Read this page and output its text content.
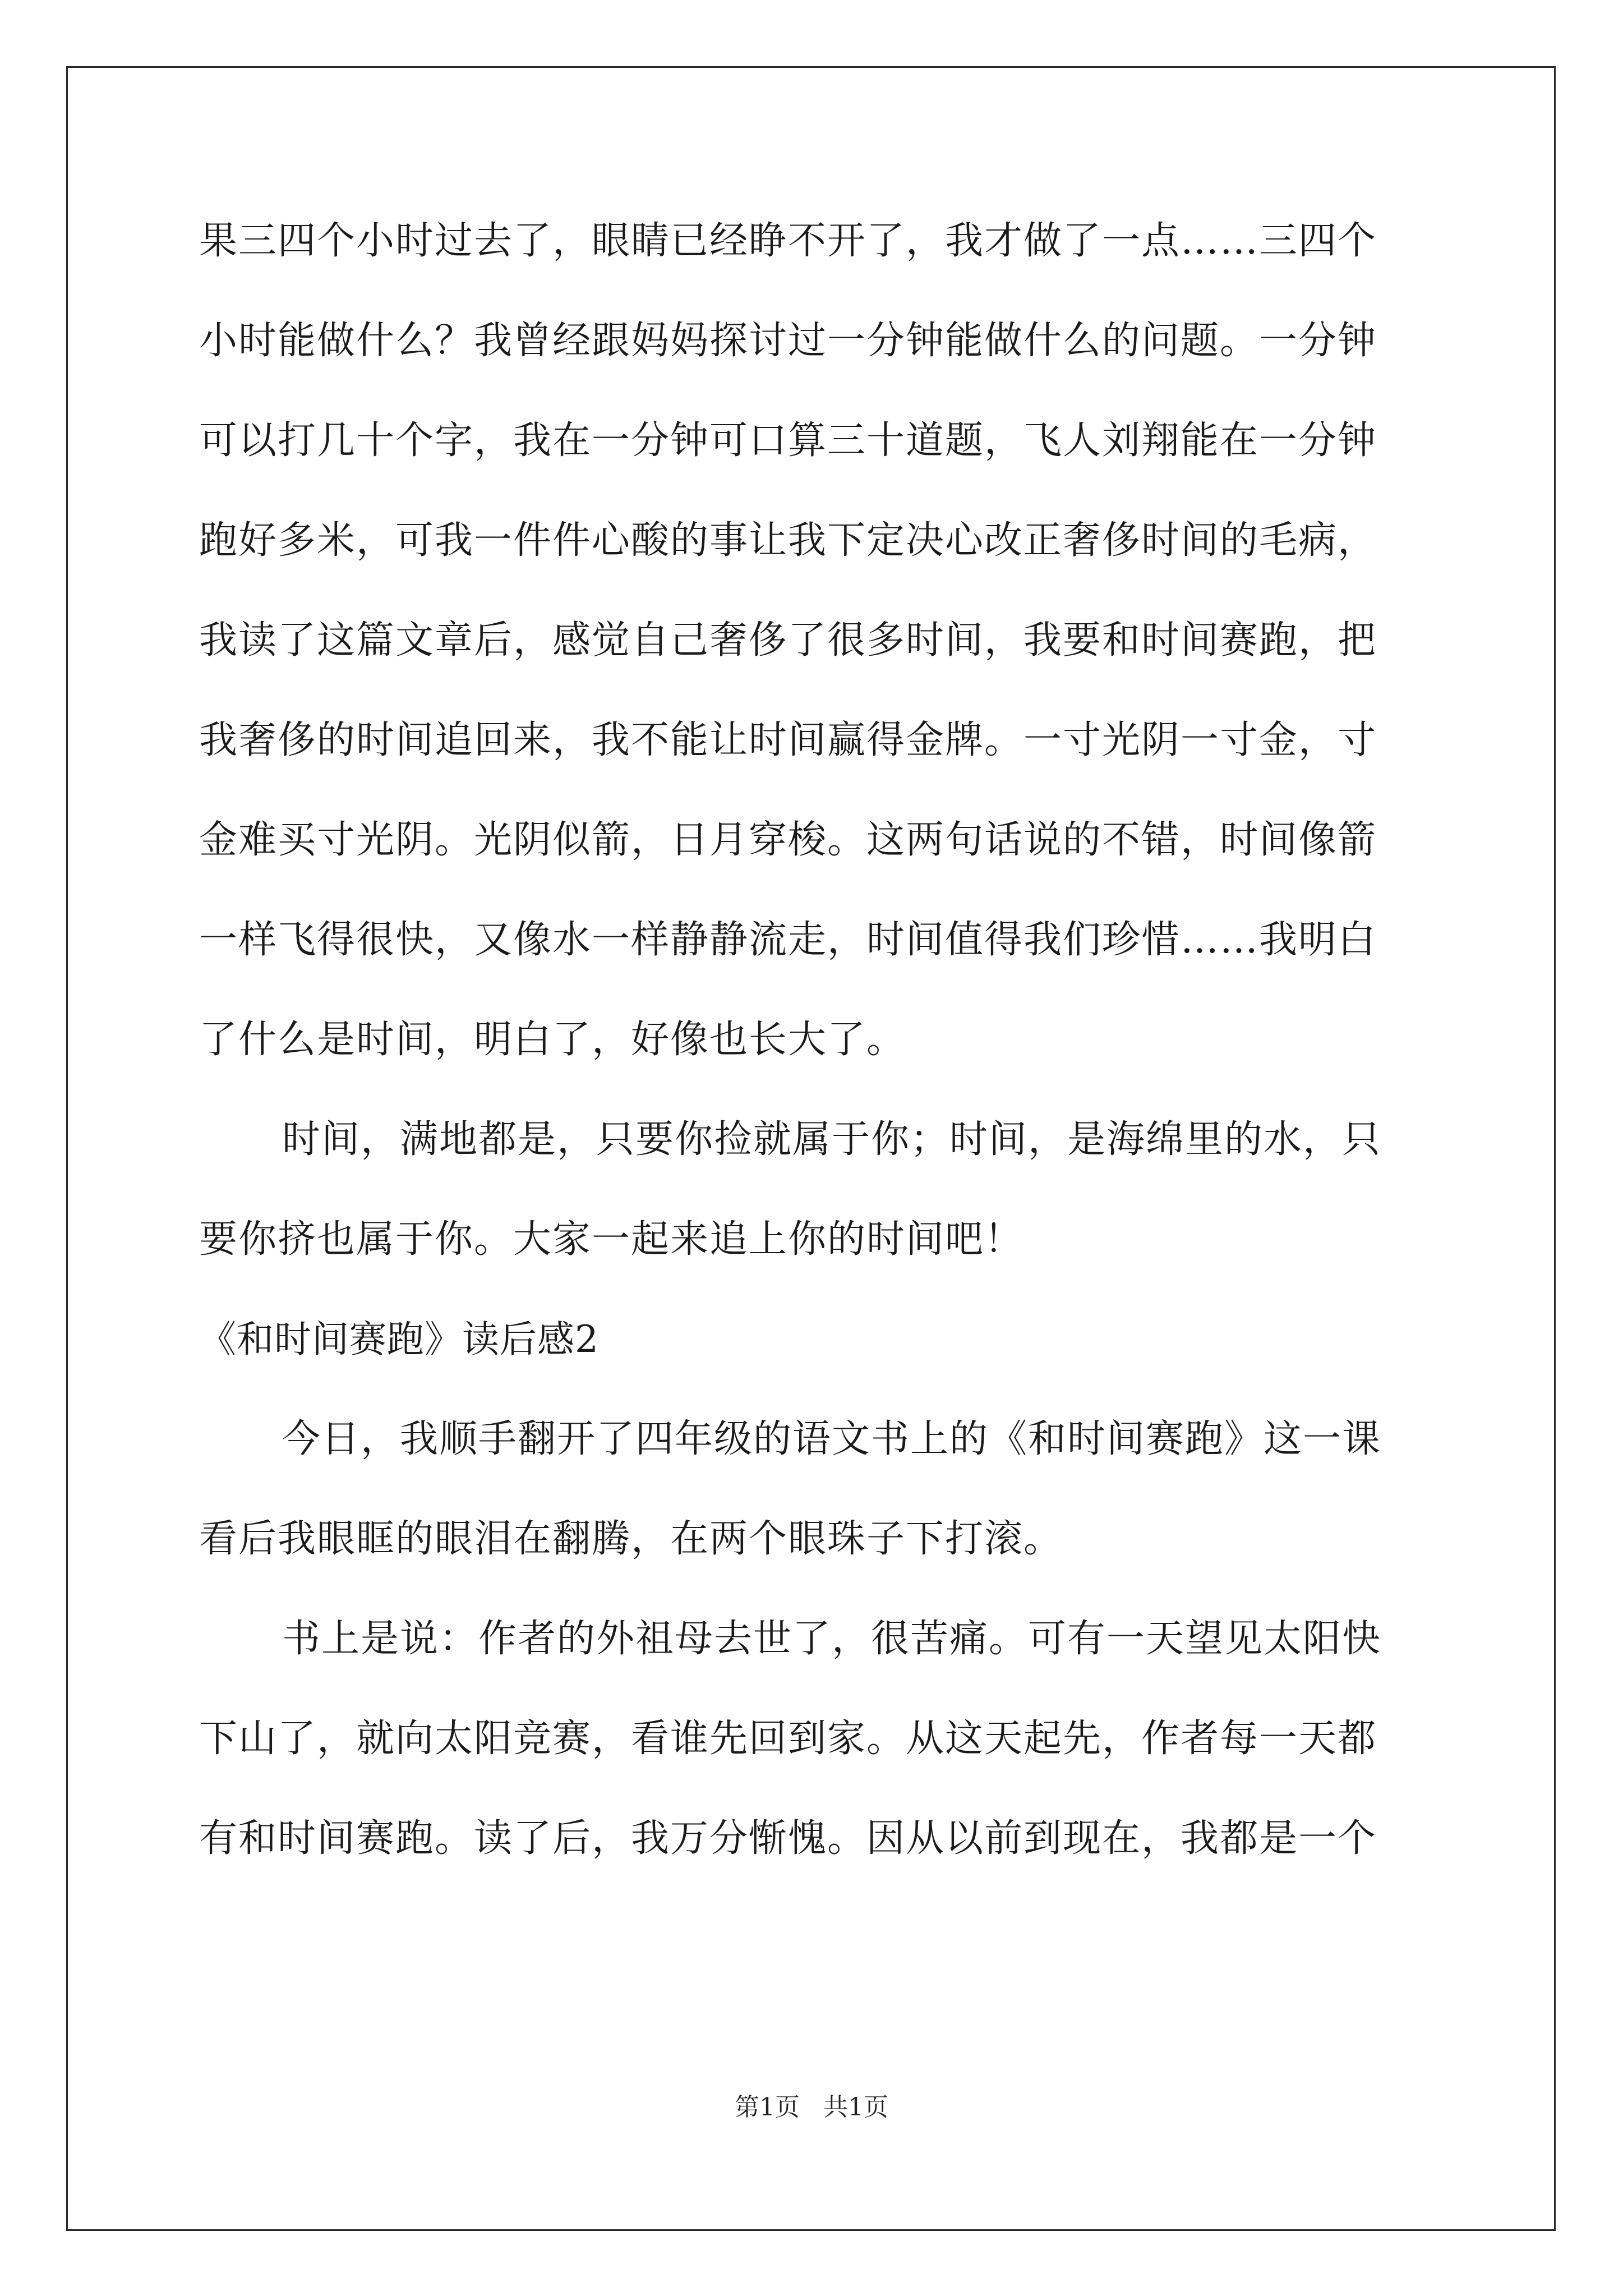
果三四个小时过去了，眼睛已经睁不开了，我才做了一点……三四个
小时能做什么？我曾经跟妈妈探讨过一分钟能做什么的问题。一分钟
可以打几十个字，我在一分钟可口算三十道题，飞人刘翔能在一分钟
跑好多米，可我一件件心酸的事让我下定决心改正奢侈时间的毛病，
我读了这篇文章后，感觉自己奢侈了很多时间，我要和时间赛跑，把
我奢侈的时间追回来，我不能让时间赢得金牌。一寸光阴一寸金，寸
金难买寸光阴。光阴似箭，日月穿梭。这两句话说的不错，时间像箭
一样飞得很快，又像水一样静静流走，时间值得我们珍惜……我明白
了什么是时间，明白了，好像也长大了。
时间，满地都是，只要你捡就属于你；时间，是海绵里的水，只
要你挤也属于你。大家一起来追上你的时间吧！
《和时间赛跑》读后感2
今日，我顺手翻开了四年级的语文书上的《和时间赛跑》这一课
看后我眼眶的眼泪在翻腾，在两个眼珠子下打滚。
书上是说：作者的外祖母去世了，很苦痛。可有一天望见太阳快
下山了，就向太阳竞赛，看谁先回到家。从这天起先，作者每一天都
有和时间赛跑。读了后，我万分惭愧。因从以前到现在，我都是一个
第1页   共1页
